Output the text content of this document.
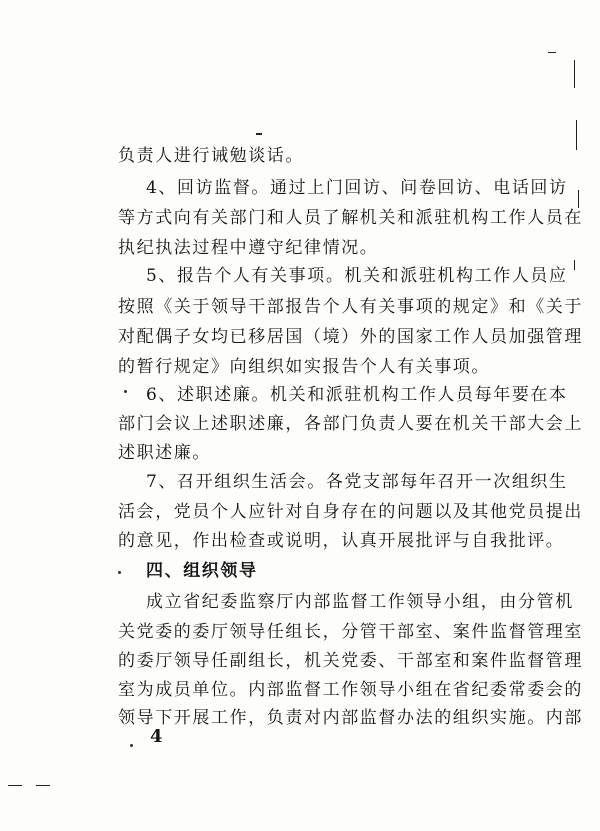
负责人进行诫勉谈话。
4、回访监督。通过上门回访、问卷回访、电话回访
等方式向有关部门和人员了解机关和派驻机构工作人员在
执纪执法过程中遵守纪律情况。
5、报告个人有关事项。机关和派驻机构工作人员应
按照《关于领导干部报告个人有关事项的规定》和《关于
对配偶子女均已移居国（境）外的国家工作人员加强管理
的暂行规定》向组织如实报告个人有关事项。
6、述职述廉。机关和派驻机构工作人员每年要在本
部门会议上述职述廉，各部门负责人要在机关干部大会上
述职述廉。
7、召开组织生活会。各党支部每年召开一次组织生
活会，党员个人应针对自身存在的问题以及其他党员提出
的意见，作出检查或说明，认真开展批评与自我批评。
四、组织领导
成立省纪委监察厅内部监督工作领导小组，由分管机
关党委的委厅领导任组长，分管干部室、案件监督管理室
的委厅领导任副组长，机关党委、干部室和案件监督管理
室为成员单位。内部监督工作领导小组在省纪委常委会的
领导下开展工作，负责对内部监督办法的组织实施。内部
4
